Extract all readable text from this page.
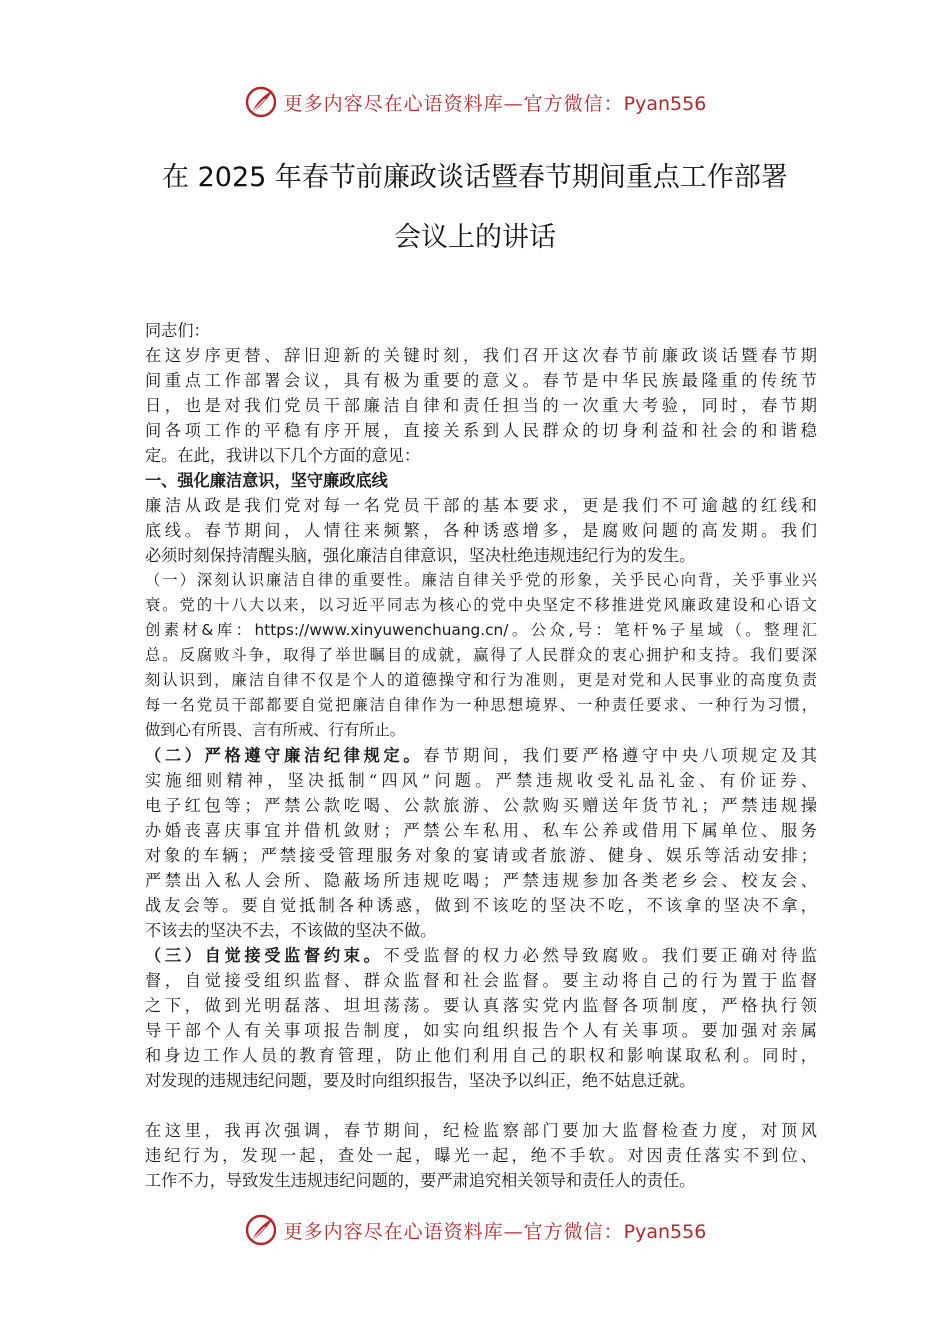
更多内容尽在心语资料库—官方微信：Pyan556
在 2025 年春节前廉政谈话暨春节期间重点工作部署
会议上的讲话
同志们：
在这岁序更替、辞旧迎新的关键时刻，我们召开这次春节前廉政谈话暨春节期
间重点工作部署会议，具有极为重要的意义。春节是中华民族最隆重的传统节
日，也是对我们党员干部廉洁自律和责任担当的一次重大考验，同时，春节期
间各项工作的平稳有序开展，直接关系到人民群众的切身利益和社会的和谐稳
定。在此，我讲以下几个方面的意见：
一、强化廉洁意识，坚守廉政底线
廉洁从政是我们党对每一名党员干部的基本要求，更是我们不可逾越的红线和
底线。春节期间，人情往来频繁，各种诱惑增多，是腐败问题的高发期。我们
必须时刻保持清醒头脑，强化廉洁自律意识，坚决杜绝违规违纪行为的发生。
（一）深刻认识廉洁自律的重要性。廉洁自律关乎党的形象，关乎民心向背，关乎事业兴
衰。党的十八大以来，以习近平同志为核心的党中央坚定不移推进党风廉政建设和心语文
创素材&库：https://www.xinyuwenchuang.cn/。公众,号：笔杆%子星域（。整理汇
总。反腐败斗争，取得了举世瞩目的成就，赢得了人民群众的衷心拥护和支持。我们要深
刻认识到，廉洁自律不仅是个人的道德操守和行为准则，更是对党和人民事业的高度负责
每一名党员干部都要自觉把廉洁自律作为一种思想境界、一种责任要求、一种行为习惯，
做到心有所畏、言有所戒、行有所止。
（二）严格遵守廉洁纪律规定。春节期间，我们要严格遵守中央八项规定及其
实施细则精神，坚决抵制“四风”问题。严禁违规收受礼品礼金、有价证券、
电子红包等；严禁公款吃喝、公款旅游、公款购买赠送年货节礼；严禁违规操
办婚丧喜庆事宜并借机敛财；严禁公车私用、私车公养或借用下属单位、服务
对象的车辆；严禁接受管理服务对象的宴请或者旅游、健身、娱乐等活动安排；
严禁出入私人会所、隐蔽场所违规吃喝；严禁违规参加各类老乡会、校友会、
战友会等。要自觉抵制各种诱惑，做到不该吃的坚决不吃，不该拿的坚决不拿，
不该去的坚决不去，不该做的坚决不做。
（三）自觉接受监督约束。不受监督的权力必然导致腐败。我们要正确对待监
督，自觉接受组织监督、群众监督和社会监督。要主动将自己的行为置于监督
之下，做到光明磊落、坦坦荡荡。要认真落实党内监督各项制度，严格执行领
导干部个人有关事项报告制度，如实向组织报告个人有关事项。要加强对亲属
和身边工作人员的教育管理，防止他们利用自己的职权和影响谋取私利。同时，
对发现的违规违纪问题，要及时向组织报告，坚决予以纠正，绝不姑息迁就。
在这里，我再次强调，春节期间，纪检监察部门要加大监督检查力度，对顶风
违纪行为，发现一起，查处一起，曝光一起，绝不手软。对因责任落实不到位、
工作不力，导致发生违规违纪问题的，要严肃追究相关领导和责任人的责任。
更多内容尽在心语资料库—官方微信：Pyan556
